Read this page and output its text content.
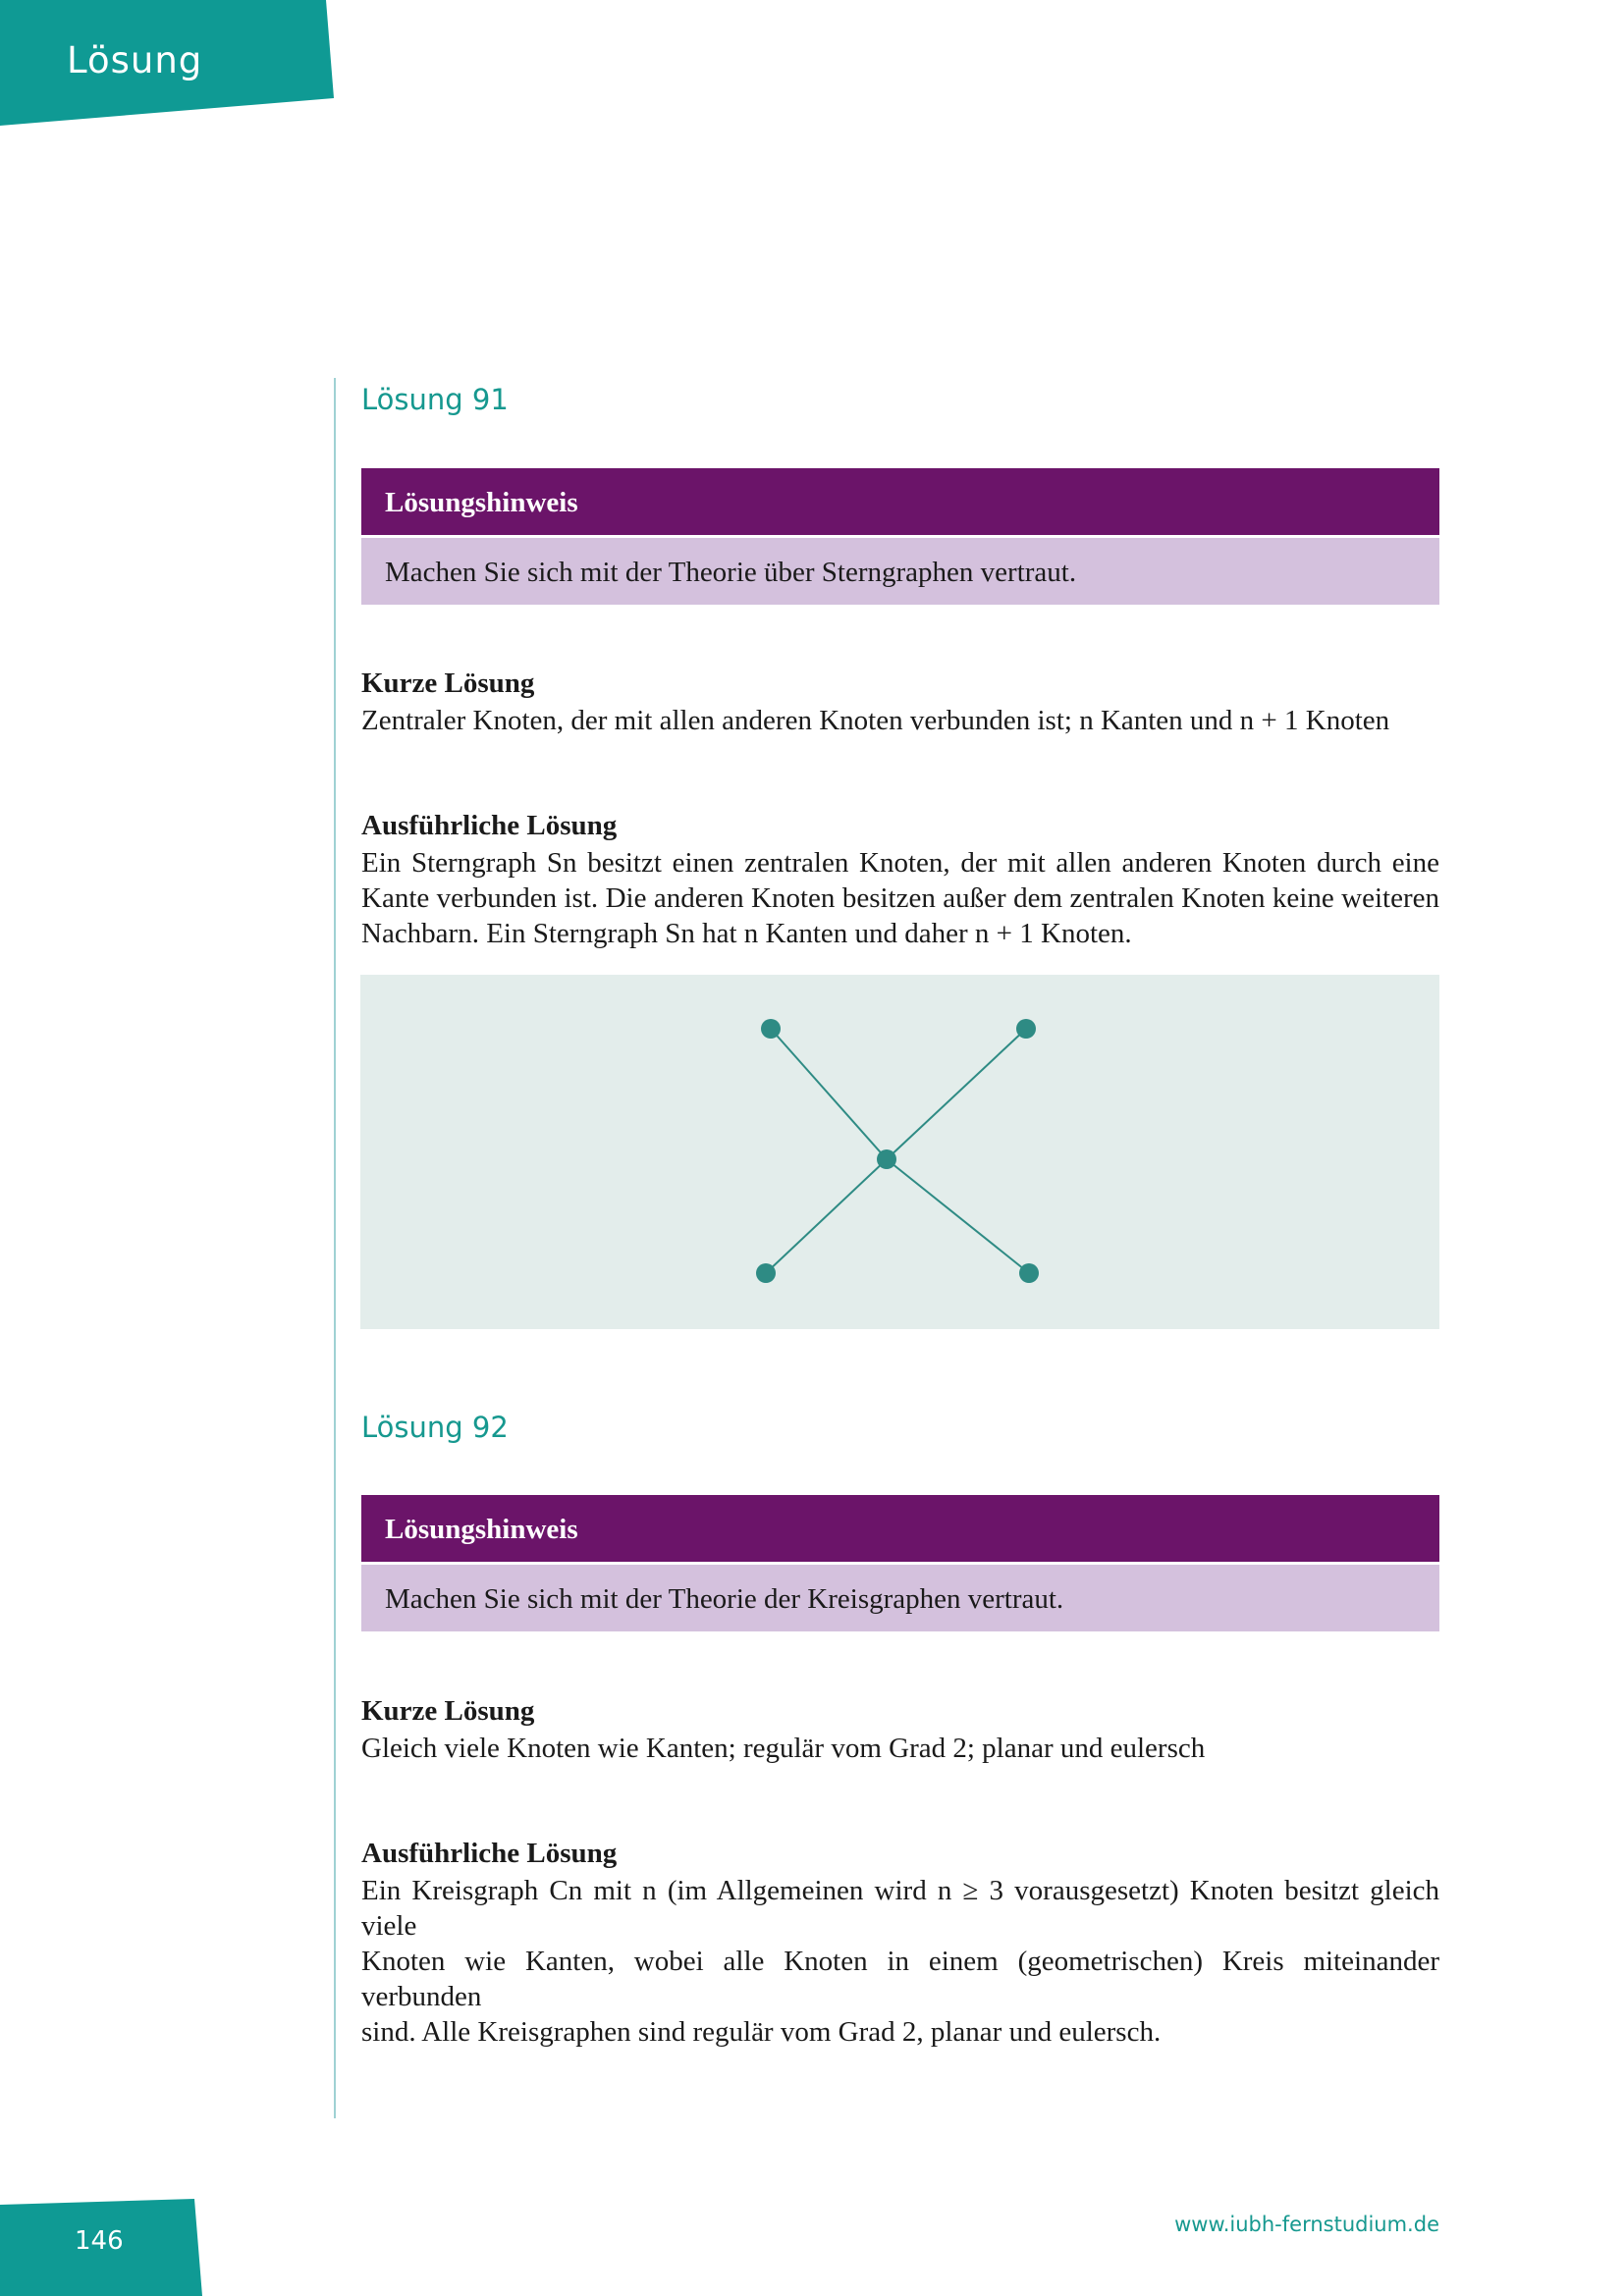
Lösung
Lösung 91
Lösungshinweis
Machen Sie sich mit der Theorie über Sterngraphen vertraut.
Kurze Lösung

Zentraler Knoten, der mit allen anderen Knoten verbunden ist; n Kanten und n + 1 Knoten

Ausführliche Lösung

Ein Sterngraph Sn besitzt einen zentralen Knoten, der mit allen anderen Knoten durch eine
Kante verbunden ist. Die anderen Knoten besitzen außer dem zentralen Knoten keine weiteren
Nachbarn. Ein Sterngraph Sn hat n Kanten und daher n + 1 Knoten.

Lösung 92
Lösungshinweis
Machen Sie sich mit der Theorie der Kreisgraphen vertraut.
Kurze Lösung

Gleich viele Knoten wie Kanten; regulär vom Grad 2; planar und eulersch

Ausführliche Lösung

Ein Kreisgraph Cn mit n (im Allgemeinen wird n ≥ 3 vorausgesetzt) Knoten besitzt gleich viele
Knoten wie Kanten, wobei alle Knoten in einem (geometrischen) Kreis miteinander verbunden
sind. Alle Kreisgraphen sind regulär vom Grad 2, planar und eulersch.

146
www.iubh-fernstudium.de
